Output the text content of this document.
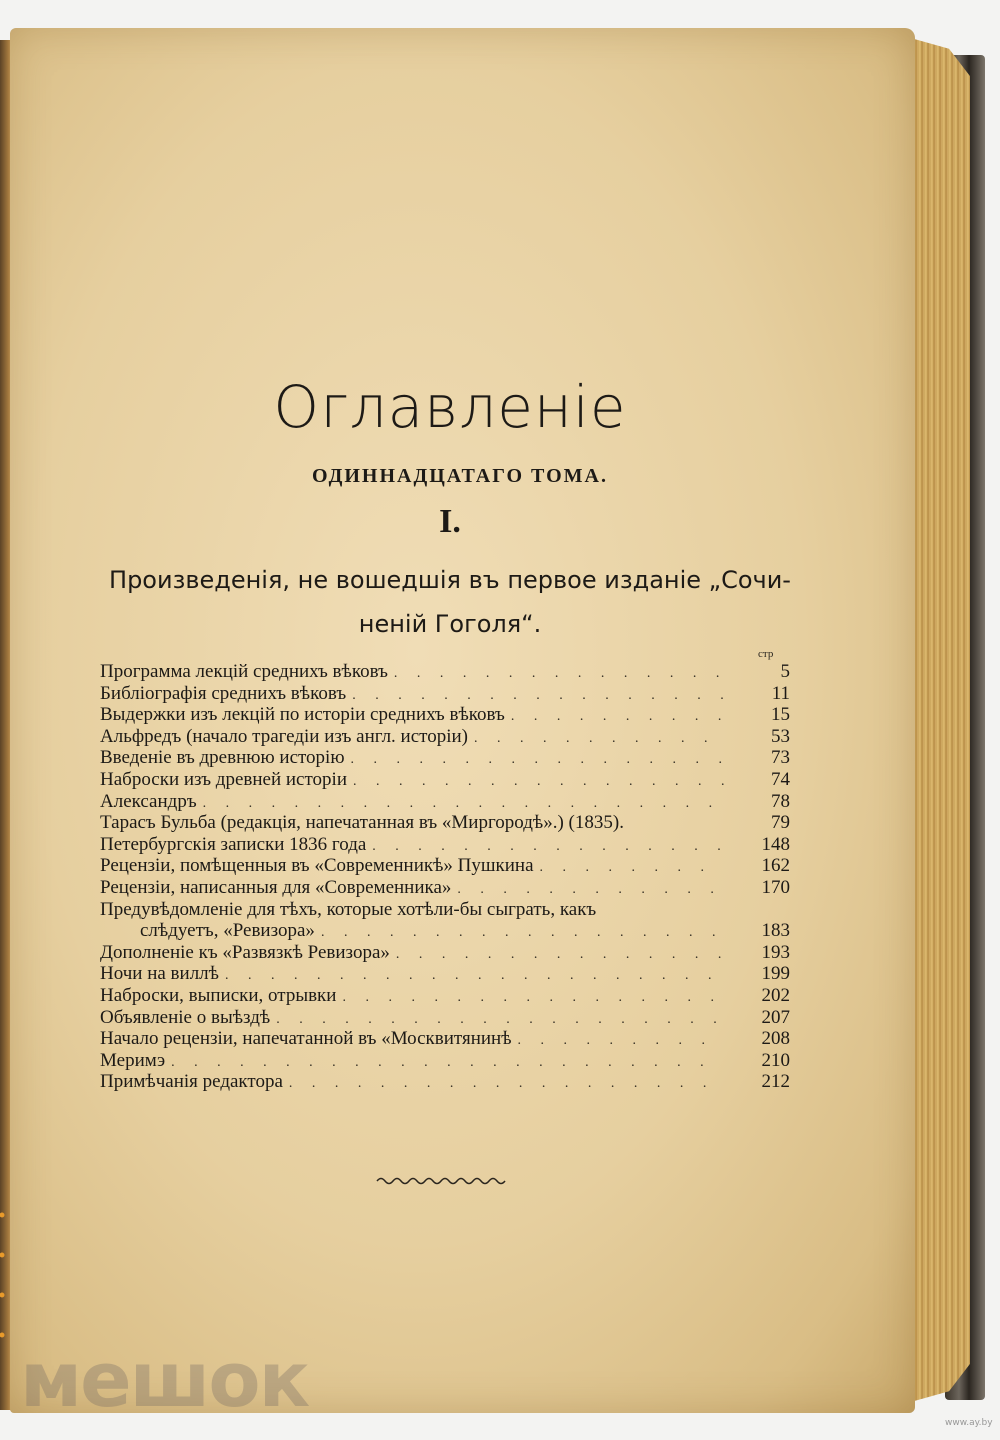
Оглавленіе
ОДИННАДЦАТАГО ТОМА.
I.
Произведенія, не вошедшія въ первое изданіе „Сочи-
неній Гоголя“.
стр
Программа лекцій среднихъ вѣковъ . . .	5
Библіографія среднихъ вѣковъ . . .	11
Выдержки изъ лекцій по исторіи среднихъ вѣковъ . . .	15
Альфредъ (начало трагедіи изъ англ. исторіи) . . .	53
Введеніе въ древнюю исторію . . .	73
Наброски изъ древней исторіи . . .	74
Александръ . . .	78
Тарасъ Бульба (редакція, напечатанная въ «Миргородѣ».) (1835).	79
Петербургскія записки 1836 года . . .	148
Рецензіи, помѣщенныя въ «Современникѣ» Пушкина . . .	162
Рецензіи, написанныя для «Современника» . . .	170
Предувѣдомленіе для тѣхъ, которые хотѣли-бы сыграть, какъ
слѣдуетъ, «Ревизора» . . .	183
Дополненіе къ «Развязкѣ Ревизора» . . .	193
Ночи на виллѣ . . .	199
Наброски, выписки, отрывки . . .	202
Объявленіе о выѣздѣ . . .	207
Начало рецензіи, напечатанной въ «Москвитянинѣ . . .	208
Меримэ . . .	210
Примѣчанія редактора . . .	212
мешок	www.ay.by
